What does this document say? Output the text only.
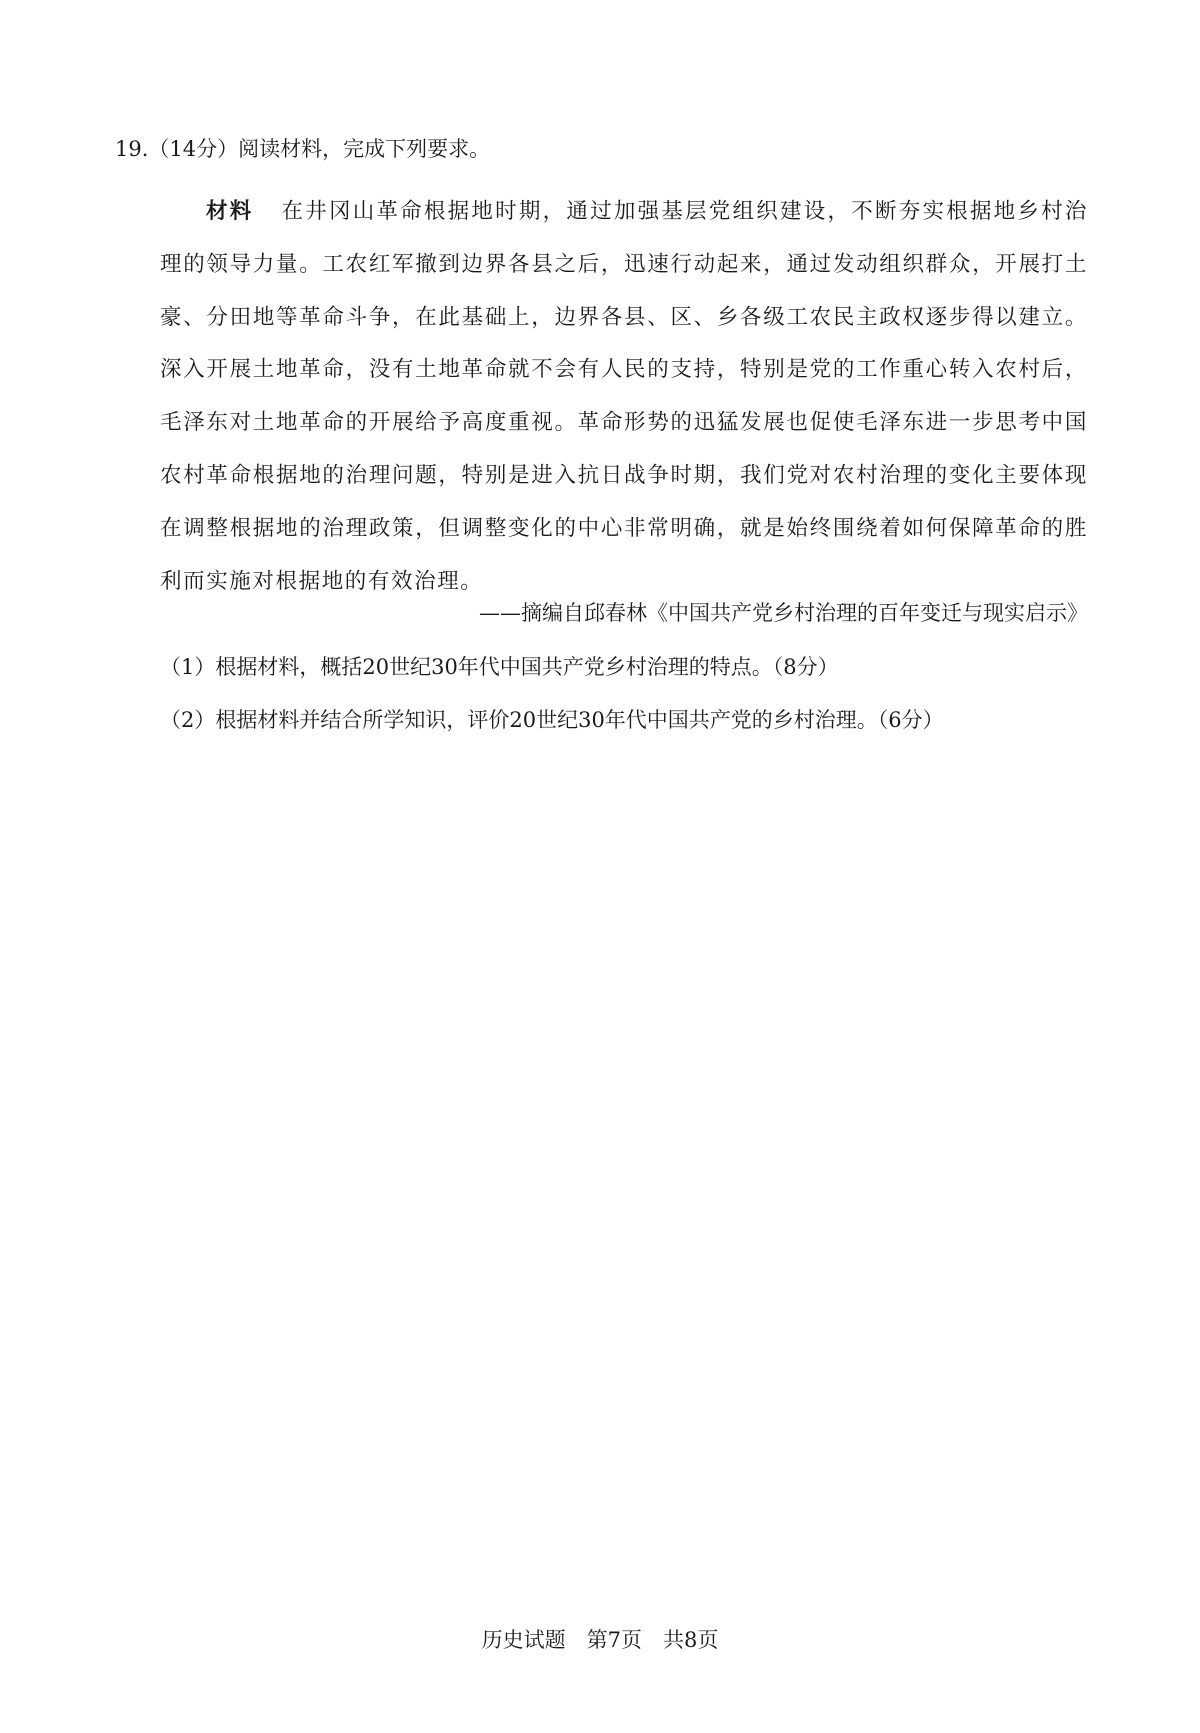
19.（14分）阅读材料，完成下列要求。
材料 在井冈山革命根据地时期，通过加强基层党组织建设，不断夯实根据地乡村治理的领导力量。工农红军撤到边界各县之后，迅速行动起来，通过发动组织群众，开展打土豪、分田地等革命斗争，在此基础上，边界各县、区、乡各级工农民主政权逐步得以建立。深入开展土地革命，没有土地革命就不会有人民的支持，特别是党的工作重心转入农村后，毛泽东对土地革命的开展给予高度重视。革命形势的迅猛发展也促使毛泽东进一步思考中国农村革命根据地的治理问题，特别是进入抗日战争时期，我们党对农村治理的变化主要体现在调整根据地的治理政策，但调整变化的中心非常明确，就是始终围绕着如何保障革命的胜利而实施对根据地的有效治理。
——摘编自邱春林《中国共产党乡村治理的百年变迁与现实启示》
（1）根据材料，概括20世纪30年代中国共产党乡村治理的特点。（8分）
（2）根据材料并结合所学知识，评价20世纪30年代中国共产党的乡村治理。（6分）
历史试题　第7页　共8页
